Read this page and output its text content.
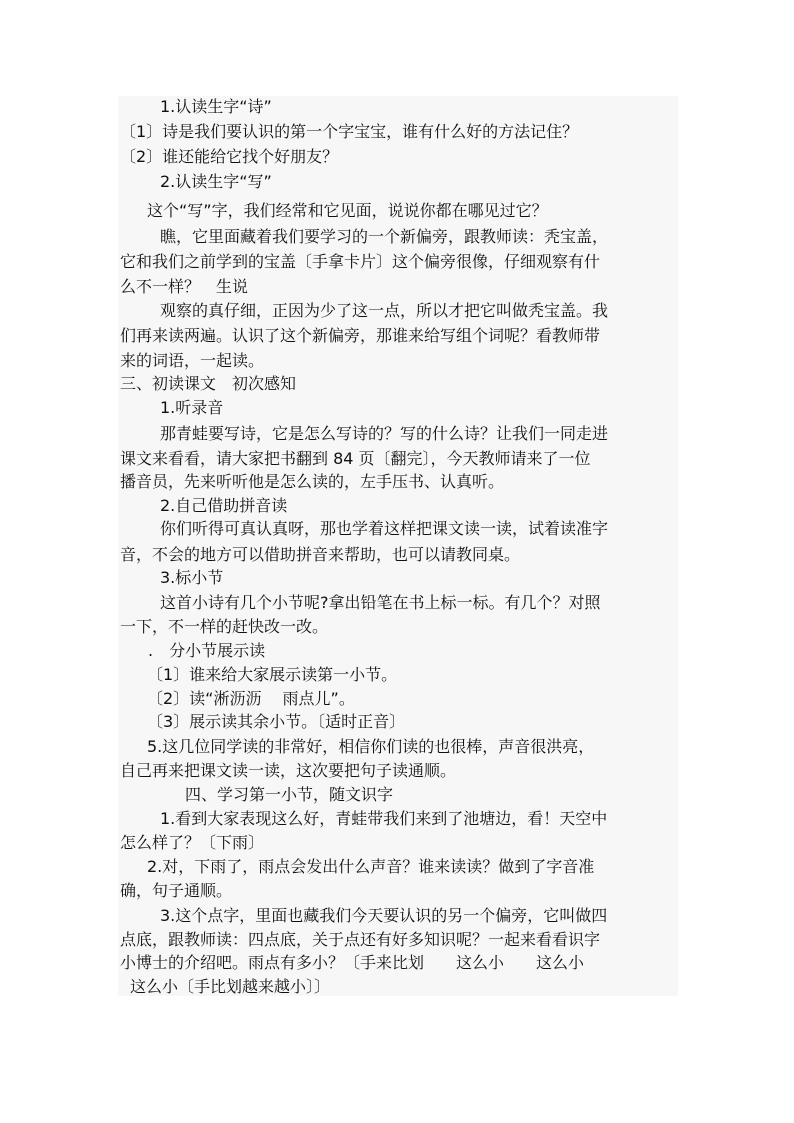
1.认读生字“诗”
〔1〕诗是我们要认识的第一个字宝宝，谁有什么好的方法记住？
〔2〕谁还能给它找个好朋友？
2.认读生字“写”
这个“写”字，我们经常和它见面，说说你都在哪见过它？
瞧，它里面藏着我们要学习的一个新偏旁，跟教师读：秃宝盖，
它和我们之前学到的宝盖〔手拿卡片〕这个偏旁很像，仔细观察有什
么不一样？　生说
观察的真仔细，正因为少了这一点，所以才把它叫做秃宝盖。我
们再来读两遍。认识了这个新偏旁，那谁来给写组个词呢？看教师带
来的词语，一起读。
三、初读课文　初次感知
1.听录音
那青蛙要写诗，它是怎么写诗的？写的什么诗？让我们一同走进
课文来看看，请大家把书翻到 84 页〔翻完〕，今天教师请来了一位
播音员，先来听听他是怎么读的，左手压书、认真听。
2.自己借助拼音读
你们听得可真认真呀，那也学着这样把课文读一读，试着读准字
音，不会的地方可以借助拼音来帮助，也可以请教同桌。
3.标小节
这首小诗有几个小节呢?拿出铅笔在书上标一标。有几个？对照
一下，不一样的赶快改一改。
.　分小节展示读
〔1〕谁来给大家展示读第一小节。
〔2〕读“淅沥沥　 雨点儿”。
〔3〕展示读其余小节。〔适时正音〕
5.这几位同学读的非常好，相信你们读的也很棒，声音很洪亮，
自己再来把课文读一读，这次要把句子读通顺。
四、学习第一小节，随文识字
1.看到大家表现这么好，青蛙带我们来到了池塘边，看！天空中
怎么样了？〔下雨〕
2.对，下雨了，雨点会发出什么声音？谁来读读？做到了字音准
确，句子通顺。
3.这个点字，里面也藏我们今天要认识的另一个偏旁，它叫做四
点底，跟教师读：四点底，关于点还有好多知识呢？一起来看看识字
小博士的介绍吧。雨点有多小？〔手来比划　　这么小　　这么小
这么小〔手比划越来越小〕〕
